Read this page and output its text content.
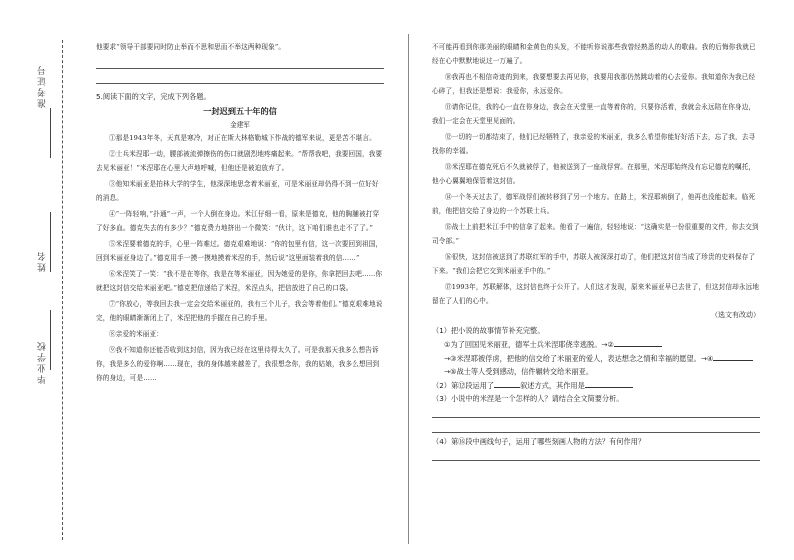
准考证号
姓名
毕业学校

他要求“领导干部要同时防止举而不思和思而不举这两种现象”。

5.阅读下面的文字，完成下列各题。
一封迟到五十年的信
金建军

①那是1943年冬，天真是寒冷，对正在斯大林格勒城下作战的德军来说，更是苦不堪言。

②士兵米涅耶一动，腰部被流弹擦伤的伤口就剧烈地疼痛起来。“帮帮我吧，我要回国，我要去见米丽亚！”米涅耶在心里大声地呼喊，但他还是被迫放弃了。

③他知米丽亚是拍林大学的学生，他深深地思念着米丽亚，可是米丽亚却仍得不到一位好好的消息。

④“一阵轻响，”扑通”一声，一个人倒在身边。米江仔细一看，原来是德克，他的胸脯被打穿了好多血。德克失去的有多少？”德克费力地挤出一个微笑：“伙计，这下咱们谁也走不了了。”

⑤米涅要着德克的手，心里一阵难过。德克艰难地说：“你的包里有信，这一次要回到祖国，回到米丽亚身边了。”德克用手一摸一摸地摸着米涅的手，然后说“这里面装着我的信……”

⑥米涅笑了一笑：“我不是在等你，我是在等米丽亚，因为她爱的是你，你拿把回去吧……你就把这封信交给米丽亚吧。”德克把信递给了米涅，米涅点头，把信放进了自己的口袋。

⑦“你放心，等我回去我一定会交给米丽亚的，我有三个儿子，我会等着他们。”德克艰难地说完，他的眼睛渐渐闭上了，米涅把他的手握在自己的手里。

⑧亲爱的米丽亚：

⑨我不知道你还能否收到这封信，因为我已经在这里待得太久了。可是我那天我多么想告诉你，我是多么的爱你啊……现在，我的身体越来越差了，我很想念你，我的姑娘，我多么想回到你的身边，可是……

不可能再看到你那美丽的眼睛和金黄色的头发，不能听你说那些我曾经熟悉的动人的歌曲。我的后悔你我就已经在心中默默地说过一万遍了。

⑩我再也不相信奇迹的到来，我要想要去再见你，我要用我那仍然跳动着的心去爱你。我知道你为我已经心碎了，但我还是想说：我爱你，永远爱你。

⑪请你记住，我的心一直在你身边，我会在天堂里一直等着你的，只要你活着，我就会永远陪在你身边，我们一定会在天堂里见面的。

⑫一切的一切都结束了，他们已经牺牲了，我亲爱的米丽亚，我多么希望你能好好活下去，忘了我，去寻找你的幸福。

⑬米涅耶在德克死后不久就被俘了，他被送到了一座战俘营。在那里，米涅耶始终没有忘记德克的嘱托，他小心翼翼地保管着这封信。

⑭一个冬天过去了，德军战俘们被转移到了另一个地方。在路上，米涅耶病倒了，他再也没能起来。临死前，他把信交给了身边的一个苏联士兵。

⑮战士上前把米江手中的信拿了起来。他看了一遍信，轻轻地说：“这确实是一份很重要的文件，你去交到司令部。”

⑯很快，这封信被送到了苏联红军的手中，苏联人被深深打动了，他们把这封信当成了珍贵的史料保存了下来。“我们会把它交到米丽亚手中的。”

⑰1993年，苏联解体，这封信也终于公开了。人们这才发现，原来米丽亚早已去世了，但这封信却永远地留在了人们的心中。

（选文有改动）

（1）把小说的故事情节补充完整。

①为了回国见米丽亚，德军士兵米涅耶侥幸逃脱。→②

→③米涅耶被俘虏，把他的信交给了米丽亚的爱人，表达想念之情和幸福的愿望。→④

→⑤战士等人受到感动，信件辗转交给米丽亚。

（2）第⑫段运用了	叙述方式，其作用是

（3）小说中的米涅是一个怎样的人？请结合全文简要分析。

（4）第⑯段中画线句子，运用了哪些刻画人物的方法？有何作用？
